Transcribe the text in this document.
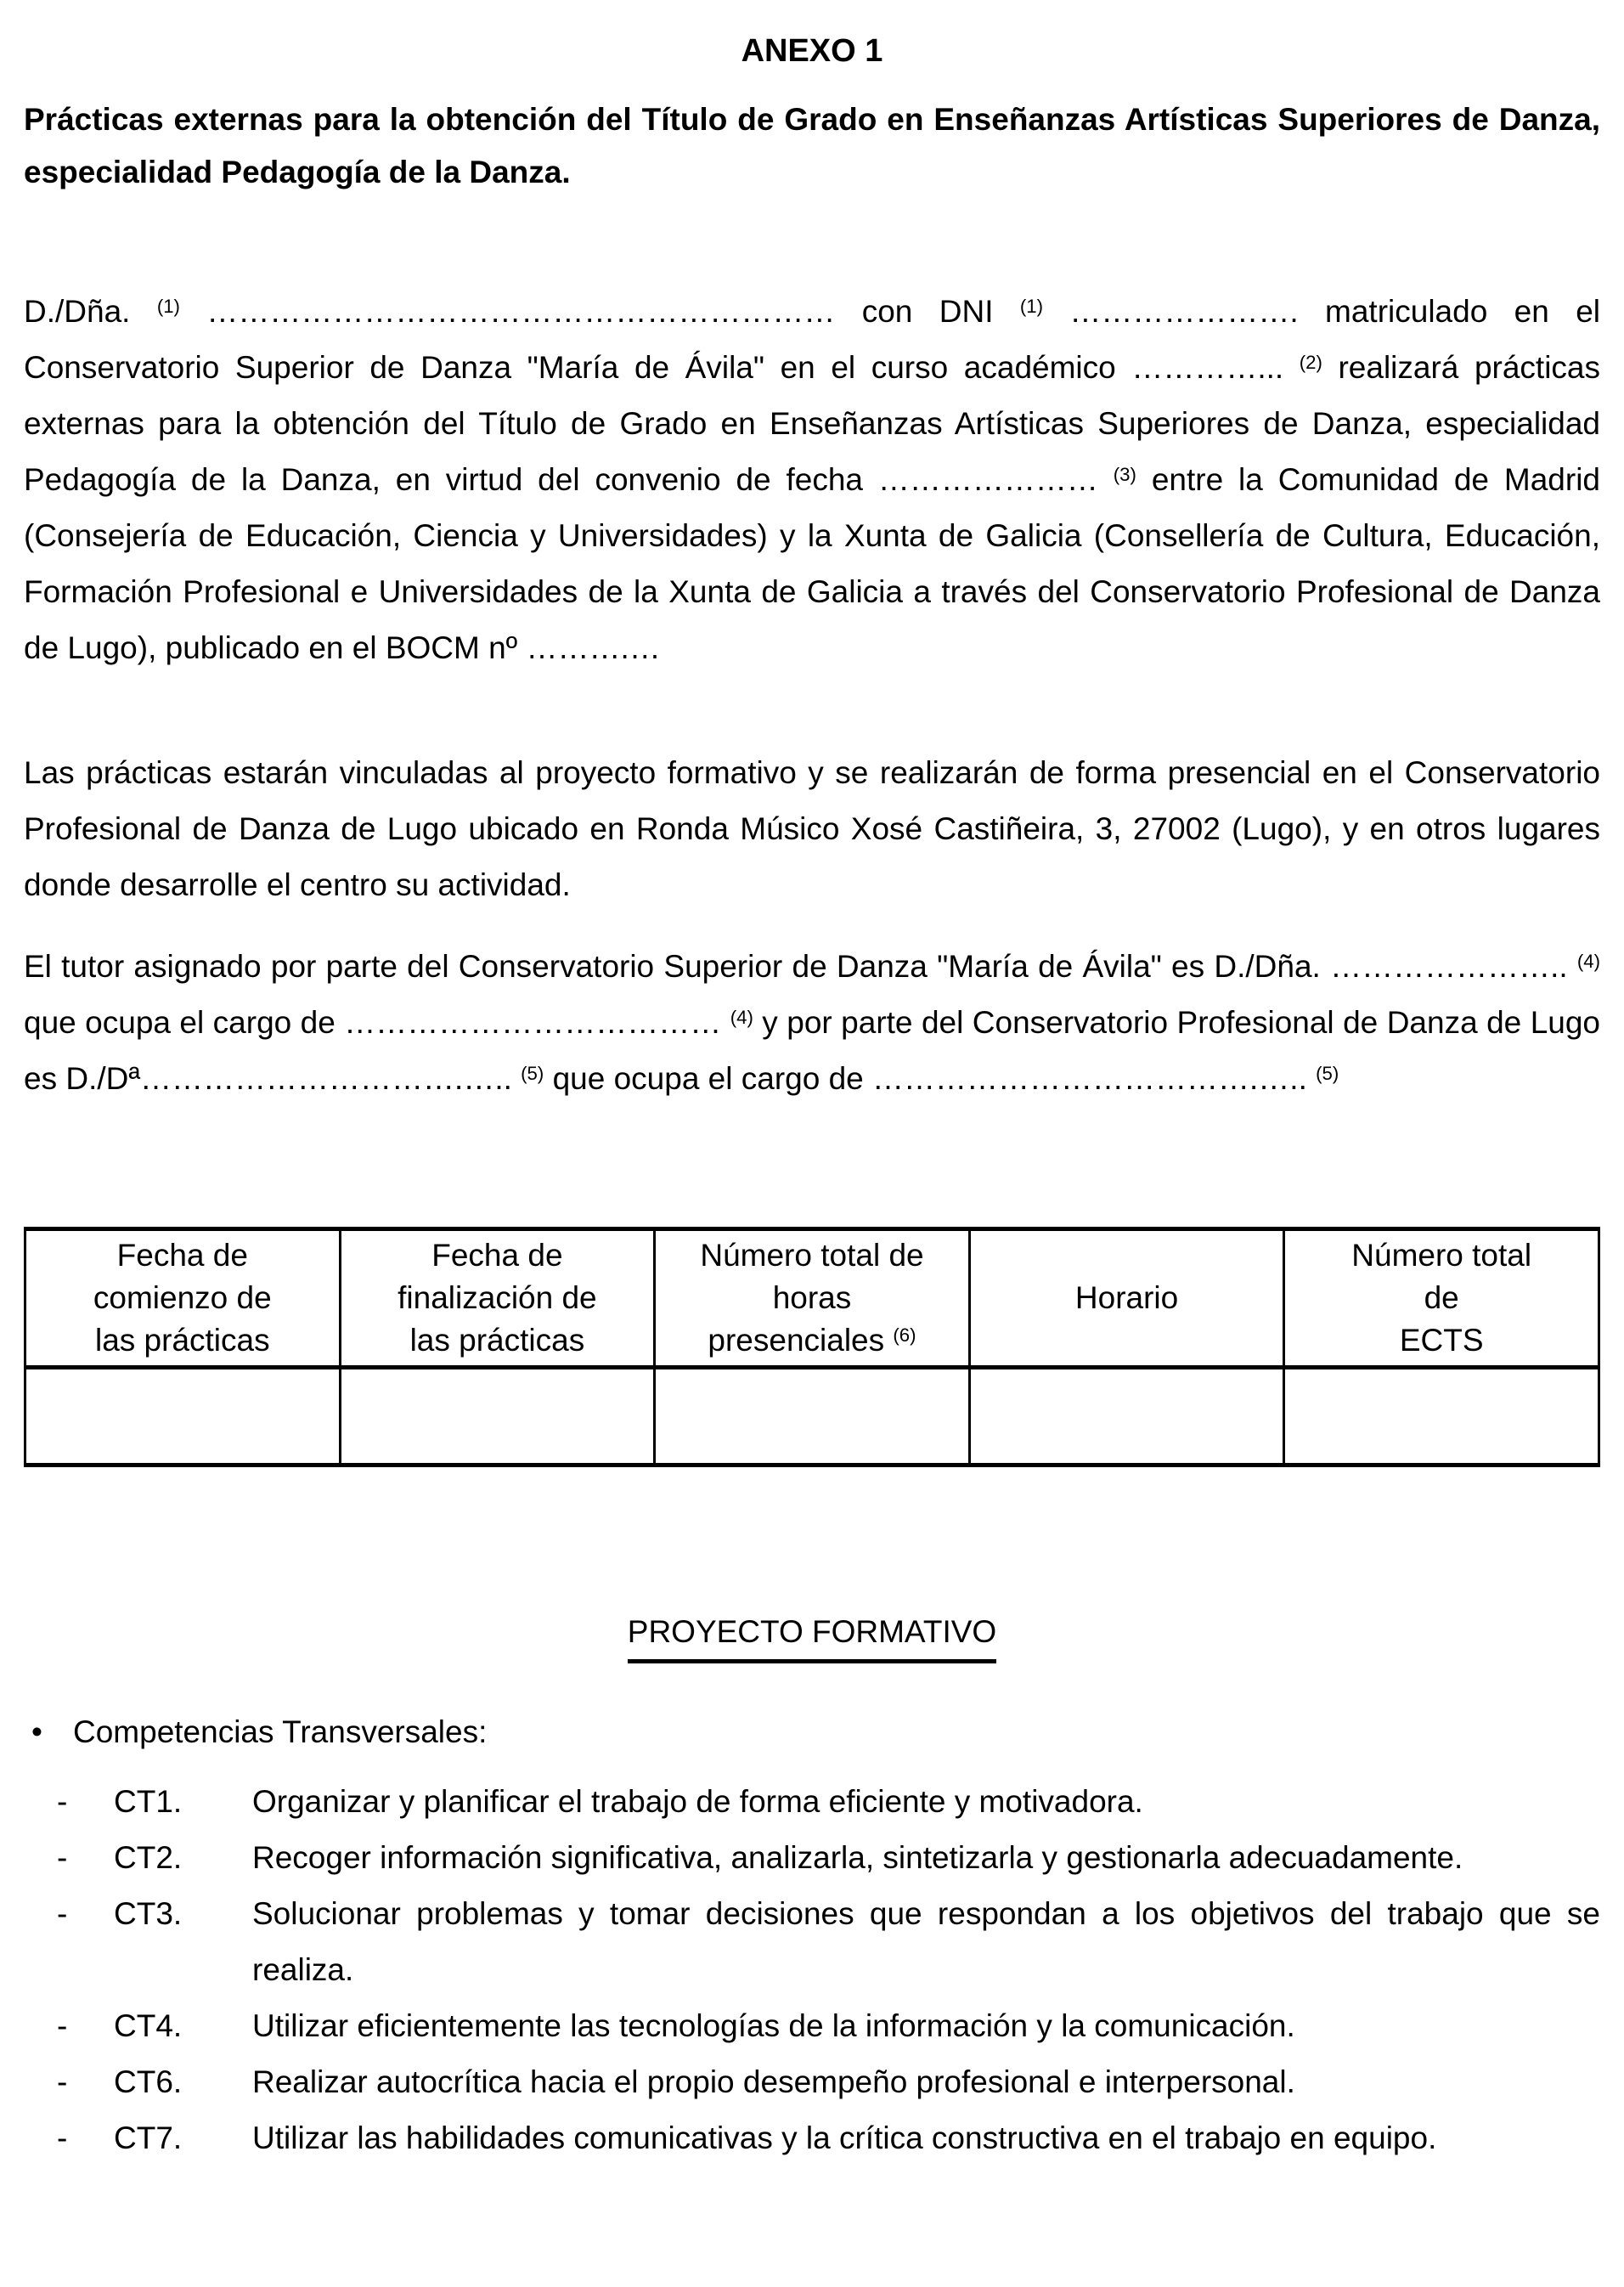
ANEXO 1
Prácticas externas para la obtención del Título de Grado en Enseñanzas Artísticas Superiores de Danza, especialidad Pedagogía de la Danza.
D./Dña. $^{(1)}$ …………………………………………………… con DNI $^{(1)}$ …………………. matriculado en el Conservatorio Superior de Danza "María de Ávila" en el curso académico …………... $^{(2)}$ realizará prácticas externas para la obtención del Título de Grado en Enseñanzas Artísticas Superiores de Danza, especialidad Pedagogía de la Danza, en virtud del convenio de fecha ………………… $^{(3)}$ entre la Comunidad de Madrid (Consejería de Educación, Ciencia y Universidades) y la Xunta de Galicia (Consellería de Cultura, Educación, Formación Profesional e Universidades de la Xunta de Galicia a través del Conservatorio Profesional de Danza de Lugo), publicado en el BOCM nº ……….…
Las prácticas estarán vinculadas al proyecto formativo y se realizarán de forma presencial en el Conservatorio Profesional de Danza de Lugo ubicado en Ronda Músico Xosé Castiñeira, 3, 27002 (Lugo), y en otros lugares donde desarrolle el centro su actividad.
El tutor asignado por parte del Conservatorio Superior de Danza "María de Ávila" es D./Dña. ………………….. $^{(4)}$ que ocupa el cargo de ……………………………… $^{(4)}$ y por parte del Conservatorio Profesional de Danza de Lugo es D./Dª………………………….….. $^{(5)}$ que ocupa el cargo de ……………………………….….. $^{(5)}$
Fecha de
comienzo de
las prácticas	Fecha de
finalización de
las prácticas	Número total de
horas
presenciales $^{(6)}$	Horario	Número total
de
ECTS

PROYECTO FORMATIVO
• Competencias Transversales:
-	CT1.	Organizar y planificar el trabajo de forma eficiente y motivadora.
-	CT2.	Recoger información significativa, analizarla, sintetizarla y gestionarla adecuadamente.
-	CT3.	Solucionar problemas y tomar decisiones que respondan a los objetivos del trabajo que se realiza.
-	CT4.	Utilizar eficientemente las tecnologías de la información y la comunicación.
-	CT6.	Realizar autocrítica hacia el propio desempeño profesional e interpersonal.
-	CT7.	Utilizar las habilidades comunicativas y la crítica constructiva en el trabajo en equipo.
